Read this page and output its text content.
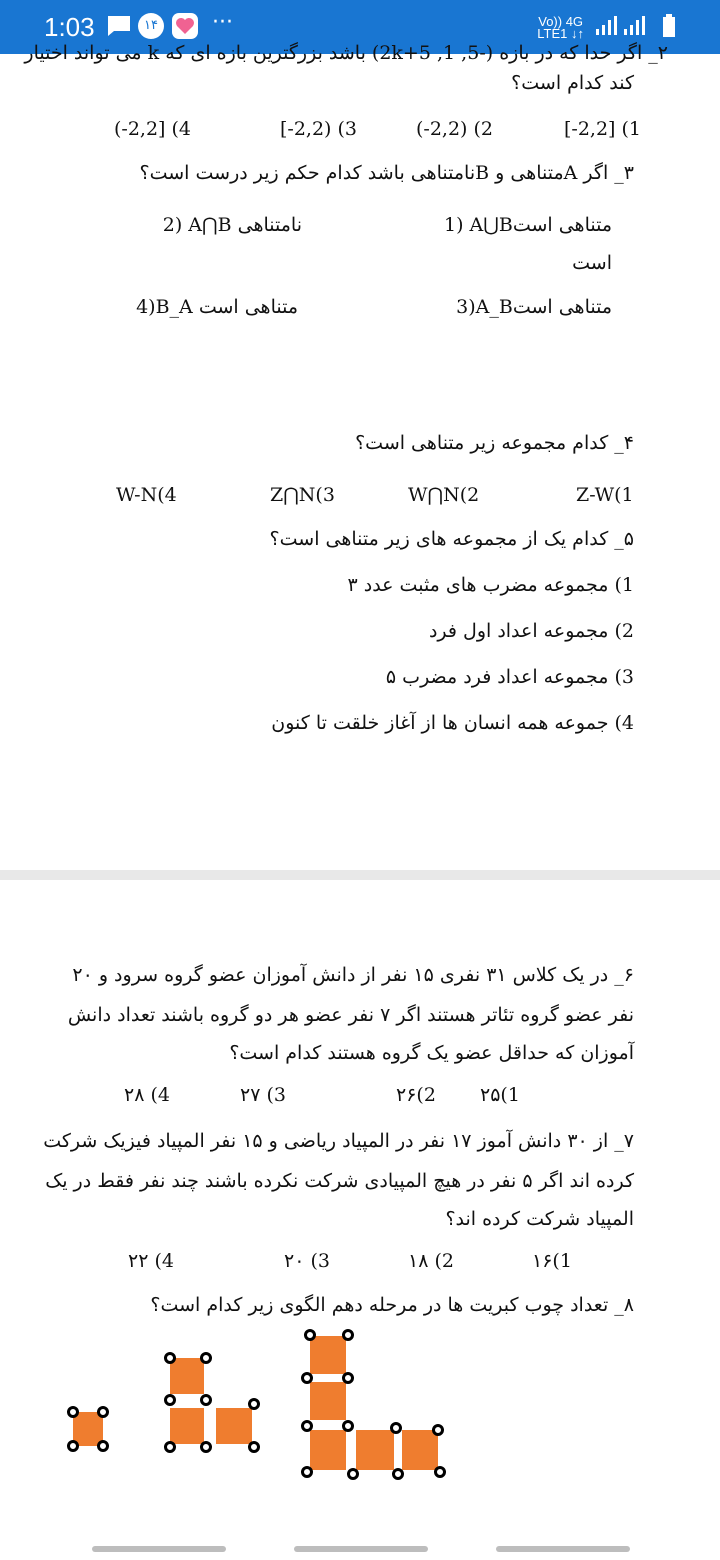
1:03	۱۴ ···	Vo)) 4G
LTE1 ↓↑
۲_ اگر حدا که در بازه (-5, 1, 2k+5) باشد بزرگترین بازه ای که k می تواند اختیار
کند کدام است؟
[-2,2] (1
(-2,2) (2
[-2,2) (3
(-2,2] (4
۳_ اگر Aمتناهی و Bنامتناهی باشد کدام حکم زیر درست است؟
1) A⋃Bمتناهی است
است
2) A⋂B نامتناهی
3)A_Bمتناهی است
4)B_A متناهی است
۴_ کدام مجموعه زیر متناهی است؟
Z-W(1
W⋂N(2
Z⋂N(3
W-N(4
۵_ کدام یک از مجموعه های زیر متناهی است؟
1) مجموعه مضرب های مثبت عدد ۳
2) مجموعه اعداد اول فرد
3) مجموعه اعداد فرد مضرب ۵
4) جموعه همه انسان ها از آغاز خلقت تا کنون
۶_ در یک کلاس ۳۱ نفری ۱۵ نفر از دانش آموزان عضو گروه سرود و ۲۰
نفر عضو گروه تئاتر هستند اگر ۷ نفر عضو هر دو گروه باشند تعداد دانش
آموزان که حداقل عضو یک گروه هستند کدام است؟
۲۵(1
۲۶(2
۲۷ (3
۲۸ (4
۷_ از ۳۰ دانش آموز ۱۷ نفر در المپیاد ریاضی و ۱۵ نفر المپیاد فیزیک شرکت
کرده اند اگر ۵ نفر در هیچ المپیادی شرکت نکرده باشند چند نفر فقط در یک
المپیاد شرکت کرده اند؟
۱۶(1
۱۸ (2
۲۰ (3
۲۲ (4
۸_ تعداد چوب کبریت ها در مرحله دهم الگوی زیر کدام است؟
